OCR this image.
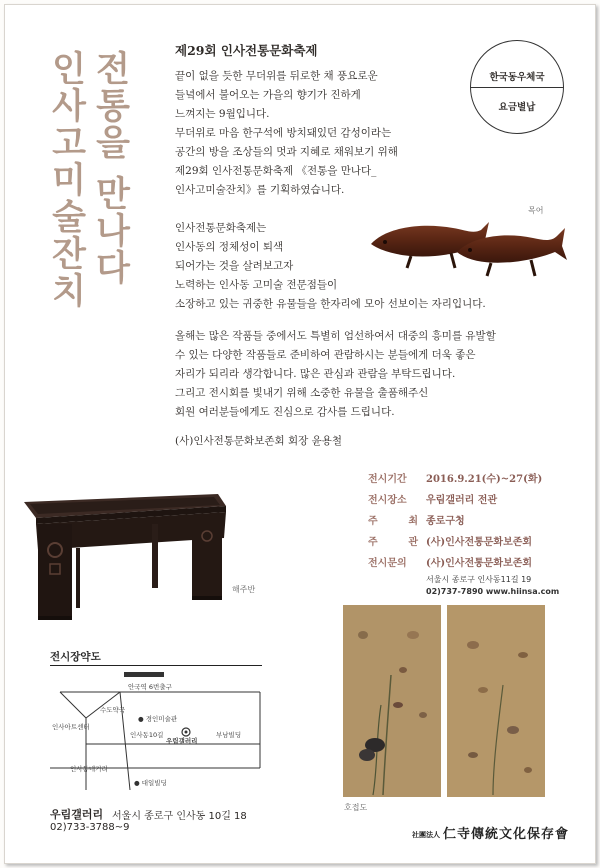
전통을 만나다
인사고미술잔치	제29회 인사전통문화축제
한국동우체국
요금별납
끝이 없을 듯한 무더위를 뒤로한 채 풍요로운
들녘에서 불어오는 가을의 향기가 진하게
느껴지는 9월입니다.
무더위로 마음 한구석에 방치돼있던 감성이라는
공간의 방을 조상들의 멋과 지혜로 채워보기 위해
제29회 인사전통문화축제 《전통을 만나다_
인사고미술잔치》를 기획하였습니다.
인사전통문화축제는
인사동의 정체성이 퇴색
되어가는 것을 살려보고자
노력하는 인사동 고미술 전문점들이
소장하고 있는 귀중한 유물들을 한자리에 모아 선보이는 자리입니다.
올해는 많은 작품들 중에서도 특별히 엄선하여서 대중의 흥미를 유발할
수 있는 다양한 작품들로 준비하여 관람하시는 분들에게 더욱 좋은
자리가 되리라 생각합니다. 많은 관심과 관람을 부탁드립니다.
그리고 전시회를 빛내기 위해 소중한 유물을 출품해주신
회원 여러분들에게도 진심으로 감사를 드립니다.
(사)인사전통문화보존회 회장 윤용철
목어
해주반
전시기간	2016.9.21(수)~27(화)
전시장소	우림갤러리 전관
주 최 종로구청
주 관 (사)인사전통문화보존회
전시문의	(사)인사전통문화보존회
서울시 종로구 인사동11길 19
02)737-7890 www.hiinsa.com
전시장약도
안국역 6번출구
수도약국
● 경인미술관
인사아트센터
인사동10길
우림갤러리
부남빌딩
인사동네거리
● 대일빌딩
우림갤러리 서울시 종로구 인사동 10길 18
02)733-3788~9
호접도
社團法人 仁寺傳統文化保存會
